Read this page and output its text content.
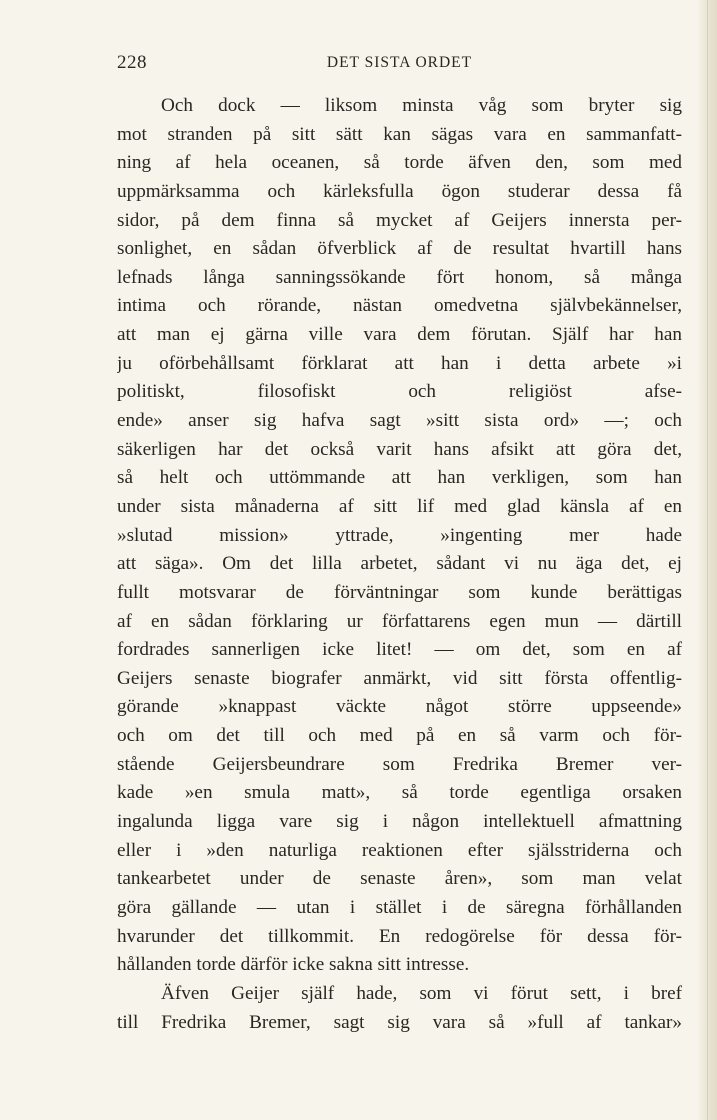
228	DET SISTA ORDET
Och dock — liksom minsta våg som bryter sig
mot stranden på sitt sätt kan sägas vara en sammanfatt-
ning af hela oceanen, så torde äfven den, som med
uppmärksamma och kärleksfulla ögon studerar dessa få
sidor, på dem finna så mycket af Geijers innersta per-
sonlighet, en sådan öfverblick af de resultat hvartill hans
lefnads långa sanningssökande fört honom, så många
intima och rörande, nästan omedvetna självbekännelser,
att man ej gärna ville vara dem förutan. Själf har han
ju oförbehållsamt förklarat att han i detta arbete »i
politiskt, filosofiskt och religiöst afse-
ende» anser sig hafva sagt »sitt sista ord» —; och
säkerligen har det också varit hans afsikt att göra det,
så helt och uttömmande att han verkligen, som han
under sista månaderna af sitt lif med glad känsla af en
»slutad mission» yttrade, »ingenting mer hade
att säga». Om det lilla arbetet, sådant vi nu äga det, ej
fullt motsvarar de förväntningar som kunde berättigas
af en sådan förklaring ur författarens egen mun — därtill
fordrades sannerligen icke litet! — om det, som en af
Geijers senaste biografer anmärkt, vid sitt första offentlig-
görande »knappast väckte något större uppseende»
och om det till och med på en så varm och för-
stående Geijersbeundrare som Fredrika Bremer ver-
kade »en smula matt», så torde egentliga orsaken
ingalunda ligga vare sig i någon intellektuell afmattning
eller i »den naturliga reaktionen efter själsstriderna och
tankearbetet under de senaste åren», som man velat
göra gällande — utan i stället i de säregna förhållanden
hvarunder det tillkommit. En redogörelse för dessa för-
hållanden torde därför icke sakna sitt intresse.
Äfven Geijer själf hade, som vi förut sett, i bref
till Fredrika Bremer, sagt sig vara så »full af tankar»
